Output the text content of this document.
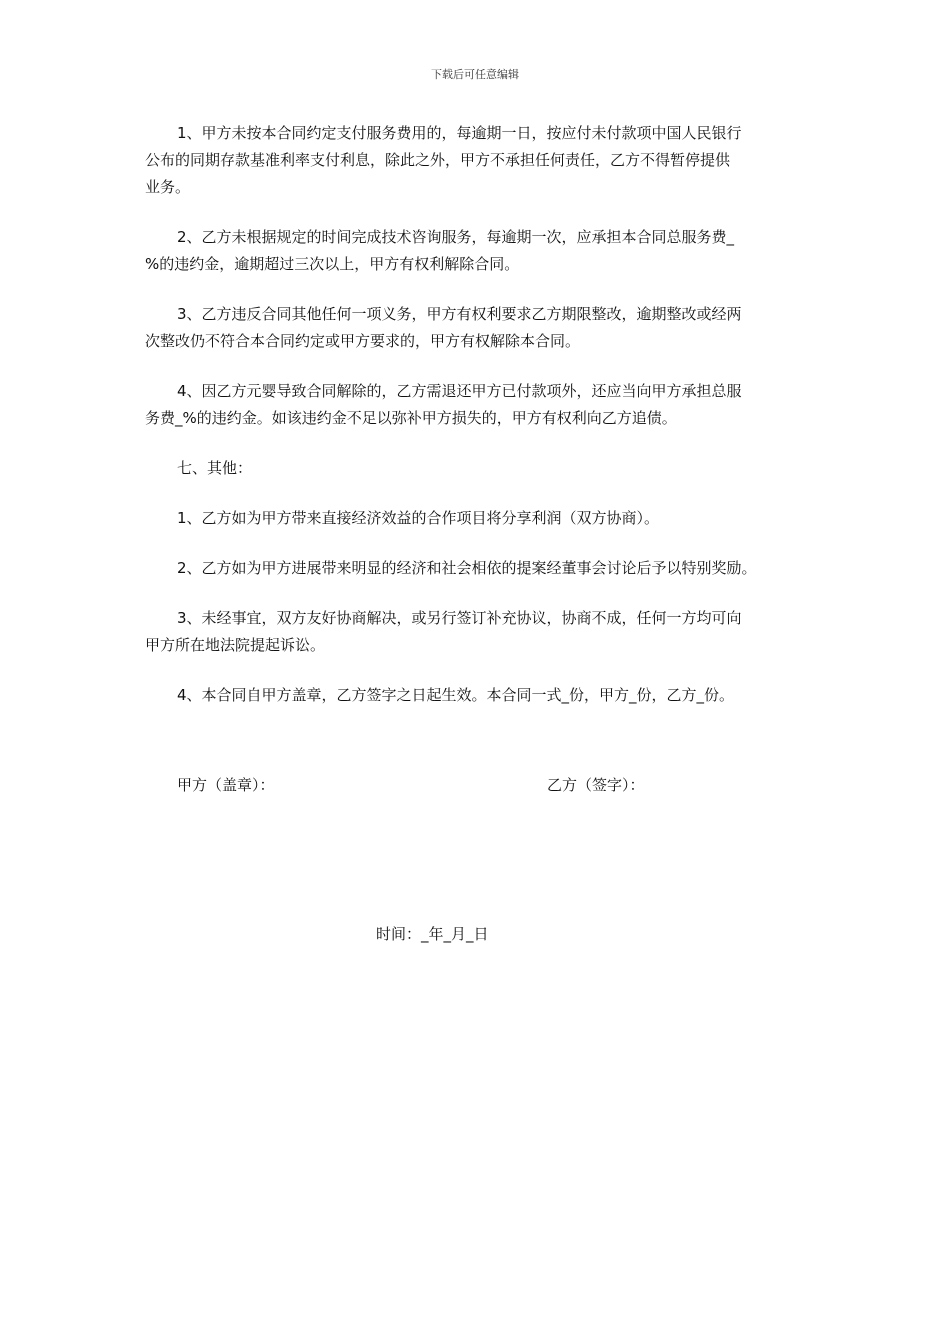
下载后可任意编辑

1、甲方未按本合同约定支付服务费用的，每逾期一日，按应付未付款项中国人民银行
公布的同期存款基准利率支付利息，除此之外，甲方不承担任何责任，乙方不得暂停提供
业务。

2、乙方未根据规定的时间完成技术咨询服务，每逾期一次，应承担本合同总服务费_
%的违约金，逾期超过三次以上，甲方有权利解除合同。

3、乙方违反合同其他任何一项义务，甲方有权利要求乙方期限整改，逾期整改或经两
次整改仍不符合本合同约定或甲方要求的，甲方有权解除本合同。

4、因乙方元婴导致合同解除的，乙方需退还甲方已付款项外，还应当向甲方承担总服
务费_%的违约金。如该违约金不足以弥补甲方损失的，甲方有权利向乙方追债。

七、其他：

1、乙方如为甲方带来直接经济效益的合作项目将分享利润（双方协商）。

2、乙方如为甲方进展带来明显的经济和社会相依的提案经董事会讨论后予以特别奖励。

3、未经事宜，双方友好协商解决，或另行签订补充协议，协商不成，任何一方均可向
甲方所在地法院提起诉讼。

4、本合同自甲方盖章，乙方签字之日起生效。本合同一式_份，甲方_份，乙方_份。

甲方（盖章）：	乙方（签字）：
时间：_年_月_日
